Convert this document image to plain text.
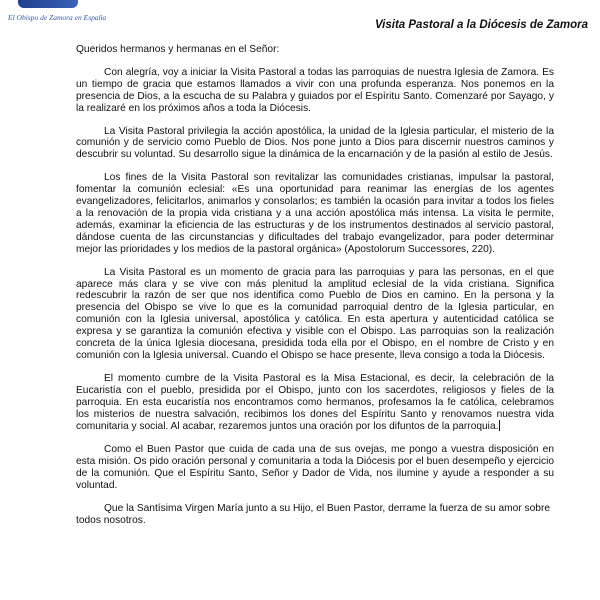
El Obispo de Zamora en España
Visita Pastoral a la Diócesis de Zamora

Queridos hermanos y hermanas en el Señor:

Con alegría, voy a iniciar la Visita Pastoral a todas las parroquias de nuestra Iglesia de Zamora. Es un tiempo de gracia que estamos llamados a vivir con una profunda esperanza. Nos ponemos en la presencia de Dios, a la escucha de su Palabra y guiados por el Espíritu Santo. Comenzaré por Sayago, y la realizaré en los próximos años a toda la Diócesis.

La Visita Pastoral privilegia la acción apostólica, la unidad de la Iglesia particular, el misterio de la comunión y de servicio como Pueblo de Dios. Nos pone junto a Dios para discernir nuestros caminos y descubrir su voluntad. Su desarrollo sigue la dinámica de la encarnación y de la pasión al estilo de Jesús.

Los fines de la Visita Pastoral son revitalizar las comunidades cristianas, impulsar la pastoral, fomentar la comunión eclesial: «Es una oportunidad para reanimar las energías de los agentes evangelizadores, felicitarlos, animarlos y consolarlos; es también la ocasión para invitar a todos los fieles a la renovación de la propia vida cristiana y a una acción apostólica más intensa. La visita le permite, además, examinar la eficiencia de las estructuras y de los instrumentos destinados al servicio pastoral, dándose cuenta de las circunstancias y dificultades del trabajo evangelizador, para poder determinar mejor las prioridades y los medios de la pastoral orgánica» (Apostolorum Successores, 220).

La Visita Pastoral es un momento de gracia para las parroquias y para las personas, en el que aparece más clara y se vive con más plenitud la amplitud eclesial de la vida cristiana. Significa redescubrir la razón de ser que nos identifica como Pueblo de Dios en camino. En la persona y la presencia del Obispo se vive lo que es la comunidad parroquial dentro de la Iglesia particular, en comunión con la Iglesia universal, apostólica y católica. En esta apertura y autenticidad católica se expresa y se garantiza la comunión efectiva y visible con el Obispo. Las parroquias son la realización concreta de la única Iglesia diocesana, presidida toda ella por el Obispo, en el nombre de Cristo y en comunión con la Iglesia universal. Cuando el Obispo se hace presente, lleva consigo a toda la Diócesis.

El momento cumbre de la Visita Pastoral es la Misa Estacional, es decir, la celebración de la Eucaristía con el pueblo, presidida por el Obispo, junto con los sacerdotes, religiosos y fieles de la parroquia. En esta eucaristía nos encontramos como hermanos, profesamos la fe católica, celebramos los misterios de nuestra salvación, recibimos los dones del Espíritu Santo y renovamos nuestra vida comunitaria y social. Al acabar, rezaremos juntos una oración por los difuntos de la parroquia.

Como el Buen Pastor que cuida de cada una de sus ovejas, me pongo a vuestra disposición en esta misión. Os pido oración personal y comunitaria a toda la Diócesis por el buen desempeño y ejercicio de la comunión. Que el Espíritu Santo, Señor y Dador de Vida, nos ilumine y ayude a responder a su voluntad.

Que la Santísima Virgen María junto a su Hijo, el Buen Pastor, derrame la fuerza de su amor sobre todos nosotros.
